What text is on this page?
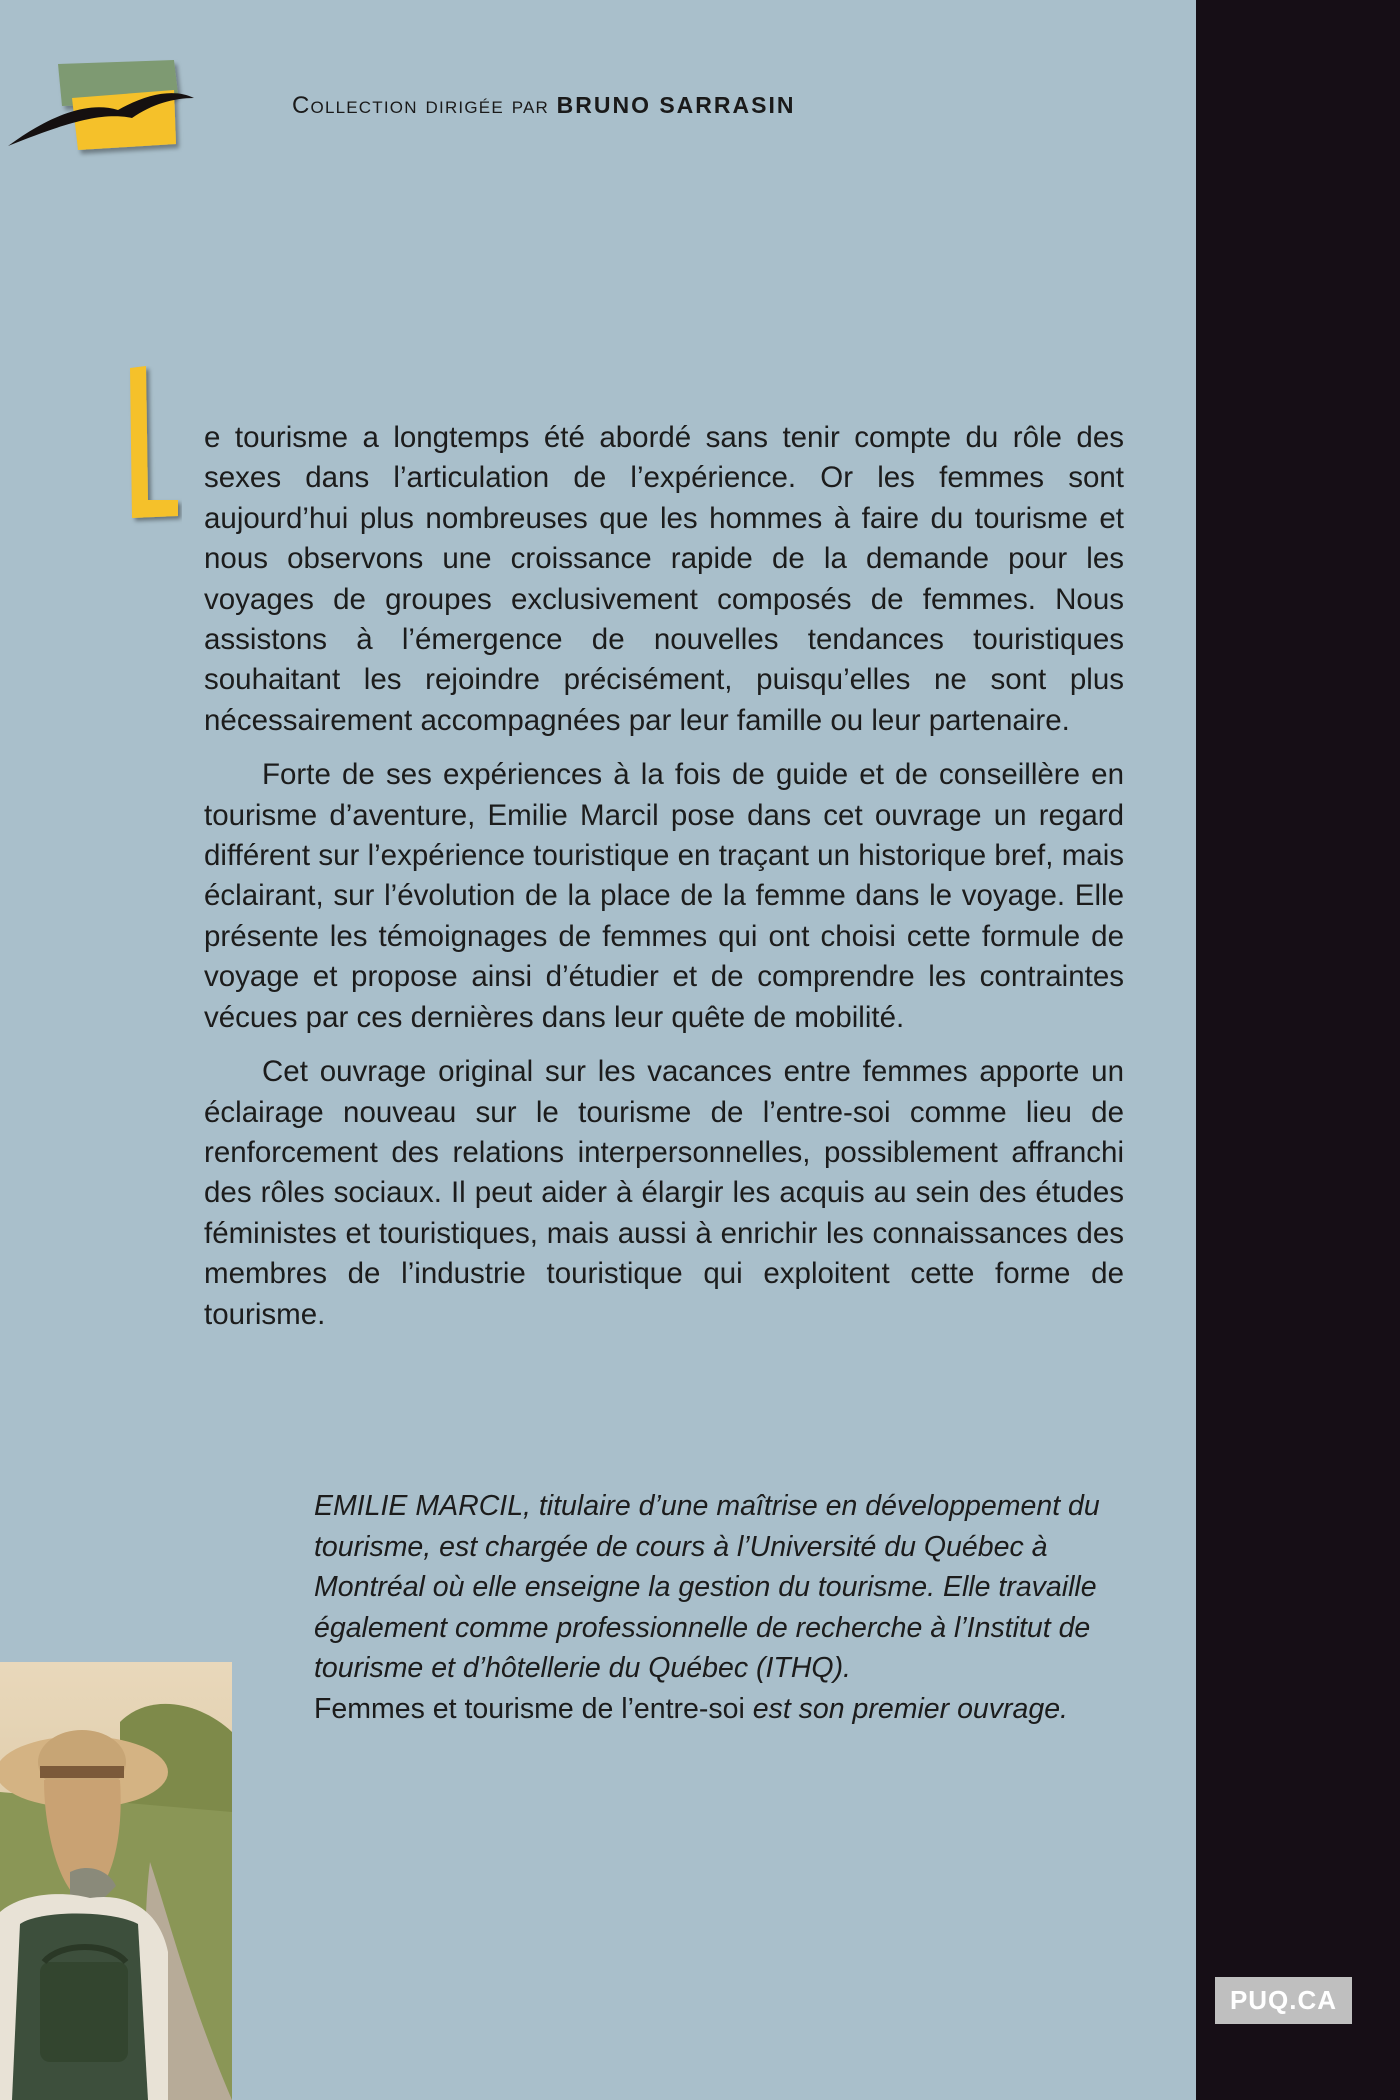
Collection dirigée par BRUNO SARRASIN
L

e tourisme a longtemps été abordé sans tenir compte du rôle des sexes dans l’articulation de l’expérience. Or les femmes sont aujourd’hui plus nombreuses que les hommes à faire du tourisme et nous observons une croissance rapide de la demande pour les voyages de groupes exclusivement composés de femmes. Nous assistons à l’émergence de nouvelles tendances touristiques souhaitant les rejoindre précisément, puisqu’elles ne sont plus nécessairement accompagnées par leur famille ou leur partenaire.

Forte de ses expériences à la fois de guide et de conseillère en tourisme d’aventure, Emilie Marcil pose dans cet ouvrage un regard différent sur l’expérience touristique en traçant un historique bref, mais éclairant, sur l’évolution de la place de la femme dans le voyage. Elle présente les témoignages de femmes qui ont choisi cette formule de voyage et propose ainsi d’étudier et de comprendre les contraintes vécues par ces dernières dans leur quête de mobilité.

Cet ouvrage original sur les vacances entre femmes apporte un éclairage nouveau sur le tourisme de l’entre-soi comme lieu de renforcement des relations interpersonnelles, possiblement affranchi des rôles sociaux. Il peut aider à élargir les acquis au sein des études féministes et touristiques, mais aussi à enrichir les connaissances des membres de l’industrie touristique qui exploitent cette forme de tourisme.

EMILIE MARCIL, titulaire d’une maîtrise en développement du tourisme, est chargée de cours à l’Université du Québec à Montréal où elle enseigne la gestion du tourisme. Elle travaille également comme professionnelle de recherche à l’Institut de tourisme et d’hôtellerie du Québec (ITHQ).
Femmes et tourisme de l’entre-soi est son premier ouvrage.
PUQ.CA
